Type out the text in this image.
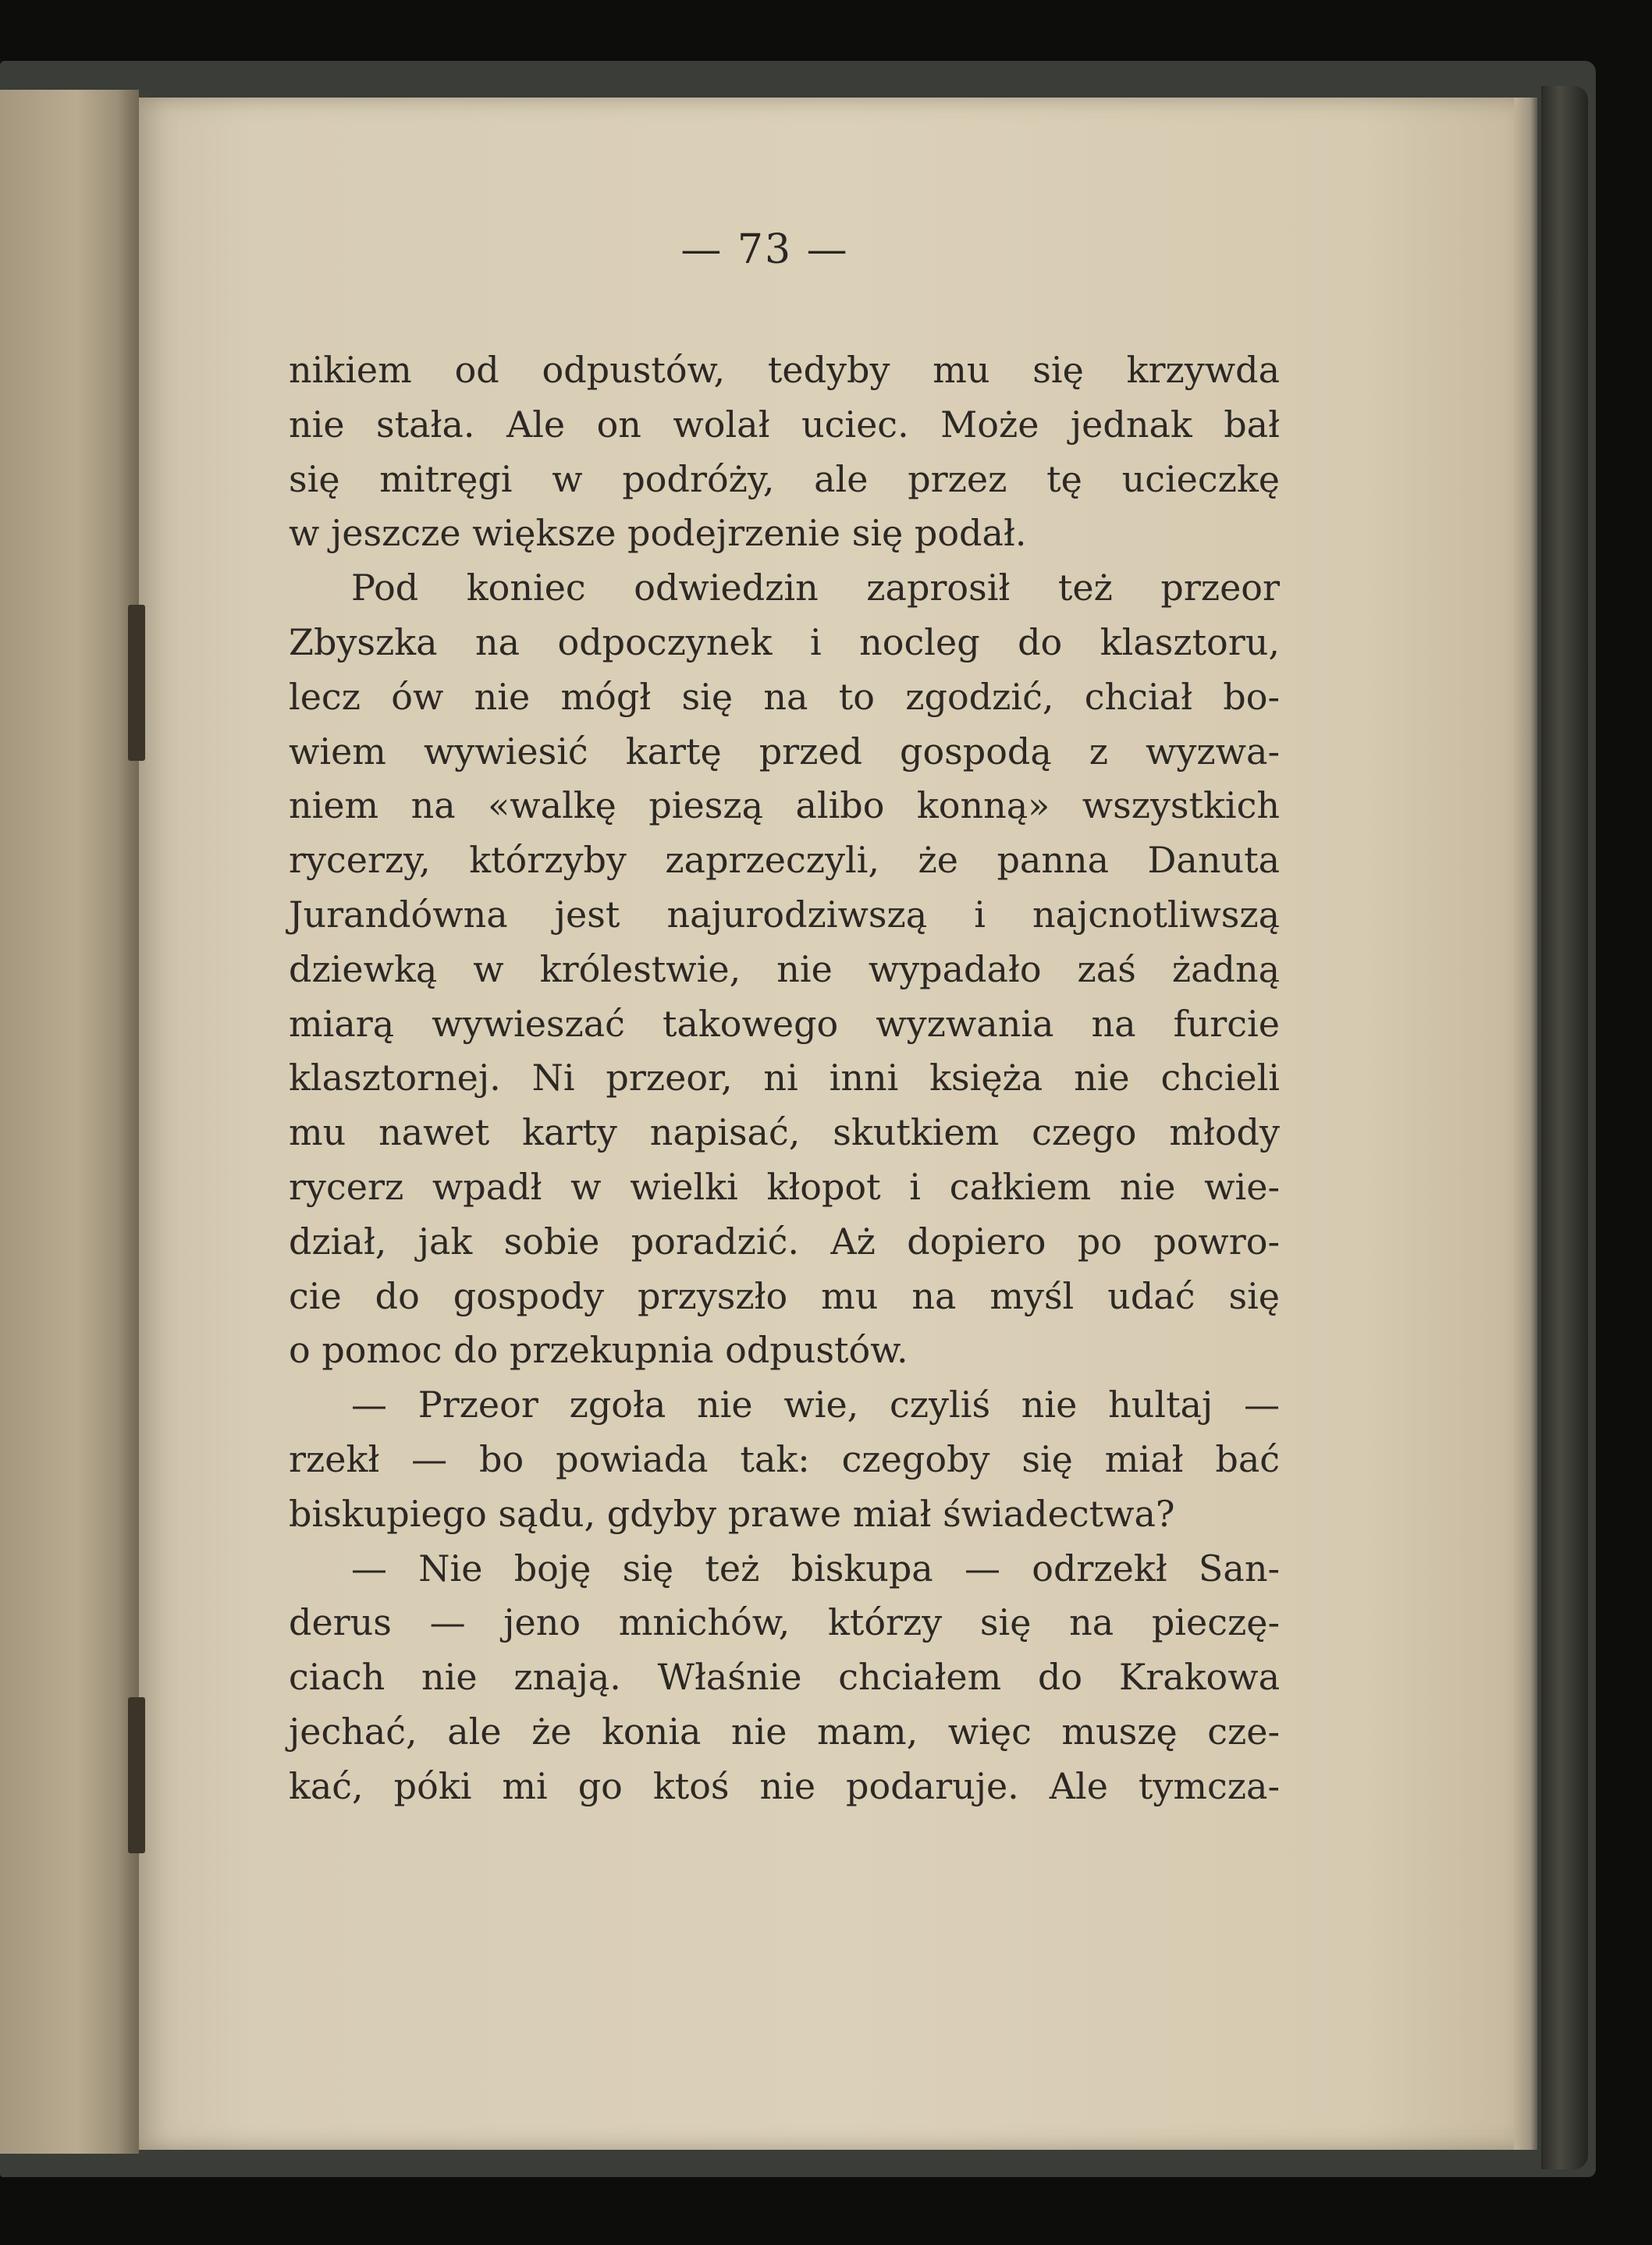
— 73 —
nikiem od odpustów, tedyby mu się krzywda
nie stała. Ale on wolał uciec. Może jednak bał
się mitręgi w podróży, ale przez tę ucieczkę
w jeszcze większe podejrzenie się podał.
Pod koniec odwiedzin zaprosił też przeor
Zbyszka na odpoczynek i nocleg do klasztoru,
lecz ów nie mógł się na to zgodzić, chciał bo-
wiem wywiesić kartę przed gospodą z wyzwa-
niem na «walkę pieszą alibo konną» wszystkich
rycerzy, którzyby zaprzeczyli, że panna Danuta
Jurandówna jest najurodziwszą i najcnotliwszą
dziewką w królestwie, nie wypadało zaś żadną
miarą wywieszać takowego wyzwania na furcie
klasztornej. Ni przeor, ni inni księża nie chcieli
mu nawet karty napisać, skutkiem czego młody
rycerz wpadł w wielki kłopot i całkiem nie wie-
dział, jak sobie poradzić. Aż dopiero po powro-
cie do gospody przyszło mu na myśl udać się
o pomoc do przekupnia odpustów.
— Przeor zgoła nie wie, czyliś nie hultaj —
rzekł — bo powiada tak: czegoby się miał bać
biskupiego sądu, gdyby prawe miał świadectwa?
— Nie boję się też biskupa — odrzekł San-
derus — jeno mnichów, którzy się na pieczę-
ciach nie znają. Właśnie chciałem do Krakowa
jechać, ale że konia nie mam, więc muszę cze-
kać, póki mi go ktoś nie podaruje. Ale tymcza-
